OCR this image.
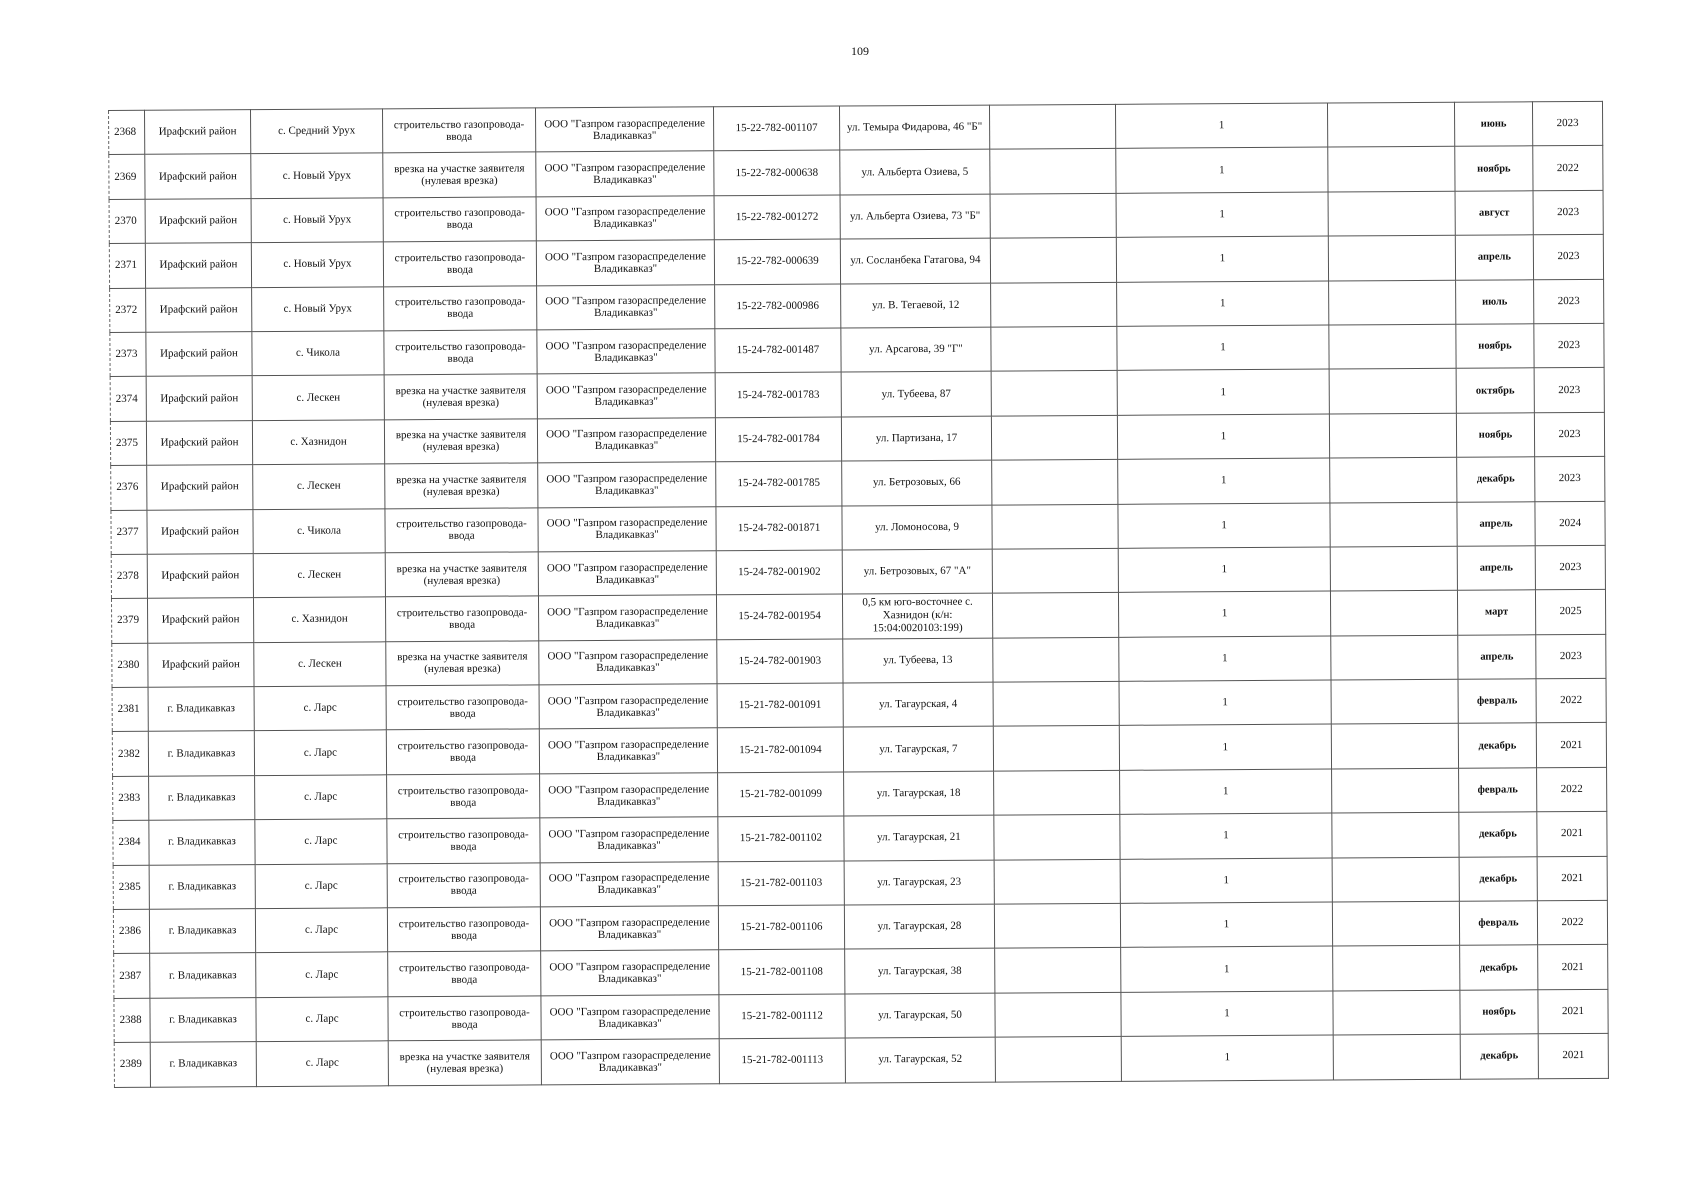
109
2368	Ирафский район	с. Средний Урух	строительство газопровода-ввода	ООО "Газпром газораспределение Владикавказ"	15-22-782-001107	ул. Темыра Фидарова, 46 "Б"		1		июнь	2023
2369	Ирафский район	с. Новый Урух	врезка на участке заявителя (нулевая врезка)	ООО "Газпром газораспределение Владикавказ"	15-22-782-000638	ул. Альберта Озиева, 5		1		ноябрь	2022
2370	Ирафский район	с. Новый Урух	строительство газопровода-ввода	ООО "Газпром газораспределение Владикавказ"	15-22-782-001272	ул. Альберта Озиева, 73 "Б"		1		август	2023
2371	Ирафский район	с. Новый Урух	строительство газопровода-ввода	ООО "Газпром газораспределение Владикавказ"	15-22-782-000639	ул. Сосланбека Гатагова, 94		1		апрель	2023
2372	Ирафский район	с. Новый Урух	строительство газопровода-ввода	ООО "Газпром газораспределение Владикавказ"	15-22-782-000986	ул. В. Тегаевой, 12		1		июль	2023
2373	Ирафский район	с. Чикола	строительство газопровода-ввода	ООО "Газпром газораспределение Владикавказ"	15-24-782-001487	ул. Арсагова, 39 "Г"		1		ноябрь	2023
2374	Ирафский район	с. Лескен	врезка на участке заявителя (нулевая врезка)	ООО "Газпром газораспределение Владикавказ"	15-24-782-001783	ул. Тубеева, 87		1		октябрь	2023
2375	Ирафский район	с. Хазнидон	врезка на участке заявителя (нулевая врезка)	ООО "Газпром газораспределение Владикавказ"	15-24-782-001784	ул. Партизана, 17		1		ноябрь	2023
2376	Ирафский район	с. Лескен	врезка на участке заявителя (нулевая врезка)	ООО "Газпром газораспределение Владикавказ"	15-24-782-001785	ул. Бетрозовых, 66		1		декабрь	2023
2377	Ирафский район	с. Чикола	строительство газопровода-ввода	ООО "Газпром газораспределение Владикавказ"	15-24-782-001871	ул. Ломоносова, 9		1		апрель	2024
2378	Ирафский район	с. Лескен	врезка на участке заявителя (нулевая врезка)	ООО "Газпром газораспределение Владикавказ"	15-24-782-001902	ул. Бетрозовых, 67 "А"		1		апрель	2023
2379	Ирафский район	с. Хазнидон	строительство газопровода-ввода	ООО "Газпром газораспределение Владикавказ"	15-24-782-001954	0,5 км юго-восточнее с. Хазнидон (к/н: 15:04:0020103:199)		1		март	2025
2380	Ирафский район	с. Лескен	врезка на участке заявителя (нулевая врезка)	ООО "Газпром газораспределение Владикавказ"	15-24-782-001903	ул. Тубеева, 13		1		апрель	2023
2381	г. Владикавказ	с. Ларс	строительство газопровода-ввода	ООО "Газпром газораспределение Владикавказ"	15-21-782-001091	ул. Тагаурская, 4		1		февраль	2022
2382	г. Владикавказ	с. Ларс	строительство газопровода-ввода	ООО "Газпром газораспределение Владикавказ"	15-21-782-001094	ул. Тагаурская, 7		1		декабрь	2021
2383	г. Владикавказ	с. Ларс	строительство газопровода-ввода	ООО "Газпром газораспределение Владикавказ"	15-21-782-001099	ул. Тагаурская, 18		1		февраль	2022
2384	г. Владикавказ	с. Ларс	строительство газопровода-ввода	ООО "Газпром газораспределение Владикавказ"	15-21-782-001102	ул. Тагаурская, 21		1		декабрь	2021
2385	г. Владикавказ	с. Ларс	строительство газопровода-ввода	ООО "Газпром газораспределение Владикавказ"	15-21-782-001103	ул. Тагаурская, 23		1		декабрь	2021
2386	г. Владикавказ	с. Ларс	строительство газопровода-ввода	ООО "Газпром газораспределение Владикавказ"	15-21-782-001106	ул. Тагаурская, 28		1		февраль	2022
2387	г. Владикавказ	с. Ларс	строительство газопровода-ввода	ООО "Газпром газораспределение Владикавказ"	15-21-782-001108	ул. Тагаурская, 38		1		декабрь	2021
2388	г. Владикавказ	с. Ларс	строительство газопровода-ввода	ООО "Газпром газораспределение Владикавказ"	15-21-782-001112	ул. Тагаурская, 50		1		ноябрь	2021
2389	г. Владикавказ	с. Ларс	врезка на участке заявителя (нулевая врезка)	ООО "Газпром газораспределение Владикавказ"	15-21-782-001113	ул. Тагаурская, 52		1		декабрь	2021
